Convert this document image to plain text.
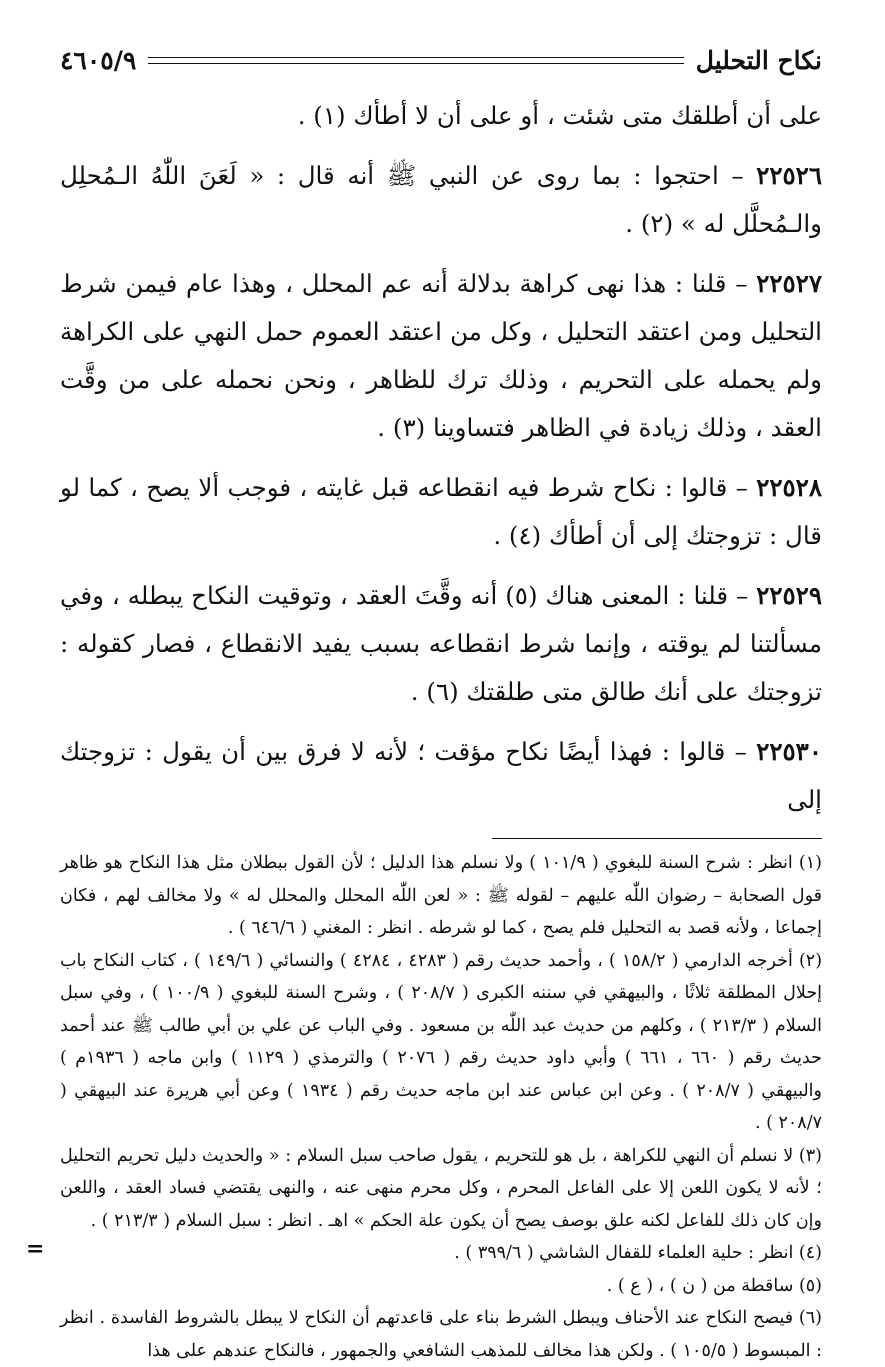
نكاح التحليل
٤٦٠٥/٩

على أن أطلقك متى شئت ، أو على أن لا أطأك (١) .

٢٢٥٢٦ – احتجوا : بما روى عن النبي ﷺ أنه قال : « لَعَنَ اللّٰهُ الـمُحلِل والـمُحلَّل له » (٢) .

٢٢٥٢٧ – قلنا : هذا نهى كراهة بدلالة أنه عم المحلل ، وهذا عام فيمن شرط التحليل ومن اعتقد التحليل ، وكل من اعتقد العموم حمل النهي على الكراهة ولم يحمله على التحريم ، وذلك ترك للظاهر ، ونحن نحمله على من وقَّت العقد ، وذلك زيادة في الظاهر فتساوينا (٣) .

٢٢٥٢٨ – قالوا : نكاح شرط فيه انقطاعه قبل غايته ، فوجب ألا يصح ، كما لو قال : تزوجتك إلى أن أطأك (٤) .

٢٢٥٢٩ – قلنا : المعنى هناك (٥) أنه وقَّتَ العقد ، وتوقيت النكاح يبطله ، وفي مسألتنا لم يوقته ، وإنما شرط انقطاعه بسبب يفيد الانقطاع ، فصار كقوله : تزوجتك على أنك طالق متى طلقتك (٦) .

٢٢٥٣٠ – قالوا : فهذا أيضًا نكاح مؤقت ؛ لأنه لا فرق بين أن يقول : تزوجتك إلى

(١) انظر : شرح السنة للبغوي ( ١٠١/٩ ) ولا نسلم هذا الدليل ؛ لأن القول ببطلان مثل هذا النكاح هو ظاهر قول الصحابة – رضوان اللّٰه عليهم – لقوله ﷺ : « لعن اللّٰه المحلل والمحلل له » ولا مخالف لهم ، فكان إجماعا ، ولأنه قصد به التحليل فلم يصح ، كما لو شرطه . انظر : المغني ( ٦٤٦/٦ ) .

(٢) أخرجه الدارمي ( ١٥٨/٢ ) ، وأحمد حديث رقم ( ٤٢٨٣ ، ٤٢٨٤ ) والنسائي ( ١٤٩/٦ ) ، كتاب النكاح باب إحلال المطلقة ثلاثًا ، والبيهقي في سننه الكبرى ( ٢٠٨/٧ ) ، وشرح السنة للبغوي ( ١٠٠/٩ ) ، وفي سبل السلام ( ٢١٣/٣ ) ، وكلهم من حديث عبد اللّٰه بن مسعود . وفي الباب عن علي بن أبي طالب ﷺ عند أحمد حديث رقم ( ٦٦٠ ، ٦٦١ ) وأبي داود حديث رقم ( ٢٠٧٦ ) والترمذي ( ١١٢٩ ) وابن ماجه ( ١٩٣٦م ) والبيهقي ( ٢٠٨/٧ ) . وعن ابن عباس عند ابن ماجه حديث رقم ( ١٩٣٤ ) وعن أبي هريرة عند البيهقي ( ٢٠٨/٧ ) .

(٣) لا نسلم أن النهي للكراهة ، بل هو للتحريم ، يقول صاحب سبل السلام : « والحديث دليل تحريم التحليل ؛ لأنه لا يكون اللعن إلا على الفاعل المحرم ، وكل محرم منهى عنه ، والنهى يقتضي فساد العقد ، واللعن وإن كان ذلك للفاعل لكنه علق بوصف يصح أن يكون علة الحكم » اهـ . انظر : سبل السلام ( ٢١٣/٣ ) .

(٤) انظر : حلية العلماء للقفال الشاشي ( ٣٩٩/٦ ) .

(٥) ساقطة من ( ن ) ، ( ع ) .

(٦) فيصح النكاح عند الأحناف ويبطل الشرط بناء على قاعدتهم أن النكاح لا يبطل بالشروط الفاسدة . انظر : المبسوط ( ١٠٥/٥ ) . ولكن هذا مخالف للمذهب الشافعي والجمهور ، فالنكاح عندهم على هذا

=
